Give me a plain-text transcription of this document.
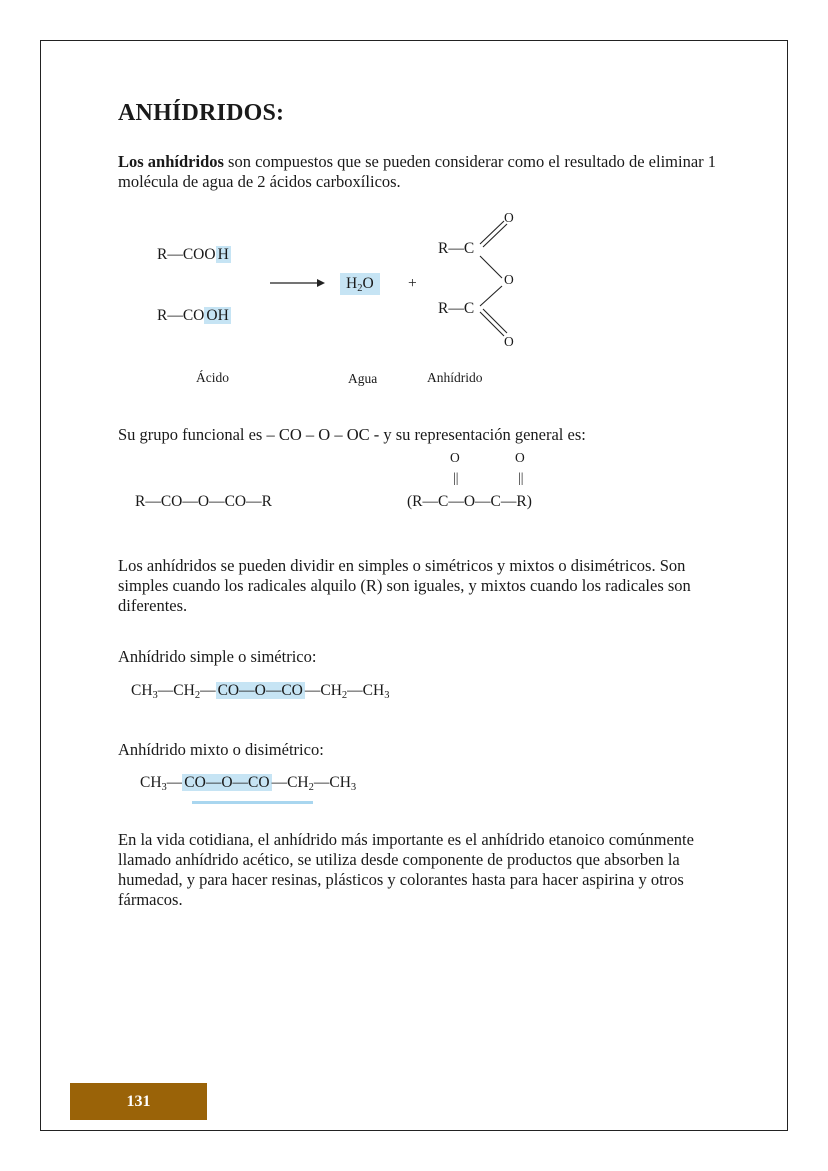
ANHÍDRIDOS:
Los anhídridos son compuestos que se pueden considerar como el resultado de eliminar 1 molécula de agua de 2 ácidos carboxílicos.
R—COO H
R—CO OH
→	$H_2O$	+
R—C
R—C
O
O
O
Ácido	Agua	Anhídrido
Su grupo funcional es – CO – O – OC - y su representación general es:
R—CO—O—CO—R
O	O
||	||
(R—C—O—C—R)
Los anhídridos se pueden dividir en simples o simétricos y mixtos o disimétricos. Son simples cuando los radicales alquilo (R) son iguales, y mixtos cuando los radicales son diferentes.
Anhídrido simple o simétrico:
$CH_3—CH_2—$ CO—O—CO $—CH_2—CH_3$
Anhídrido mixto o disimétrico:
$CH_3—$ CO—O—CO $—CH_2—CH_3$
En la vida cotidiana, el anhídrido más importante es el anhídrido etanoico comúnmente llamado anhídrido acético, se utiliza desde componente de productos que absorben la humedad, y para hacer resinas, plásticos y colorantes hasta para hacer aspirina y otros fármacos.
131
